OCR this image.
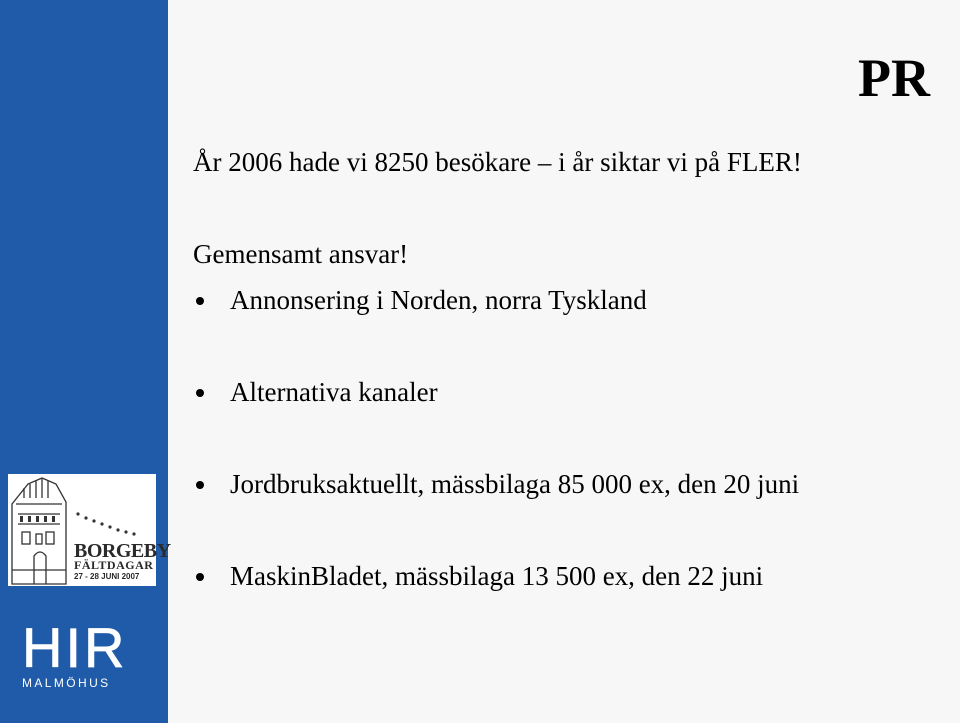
PR
År 2006 hade vi 8250 besökare – i år siktar vi på FLER!
Gemensamt ansvar!
Annonsering i Norden, norra Tyskland
Alternativa kanaler
Jordbruksaktuellt, mässbilaga 85 000 ex, den 20 juni
MaskinBladet, mässbilaga 13 500 ex, den 22 juni
BORGEBY
FÄLTDAGAR
27 - 28 JUNI 2007
HIR
MALMÖHUS
